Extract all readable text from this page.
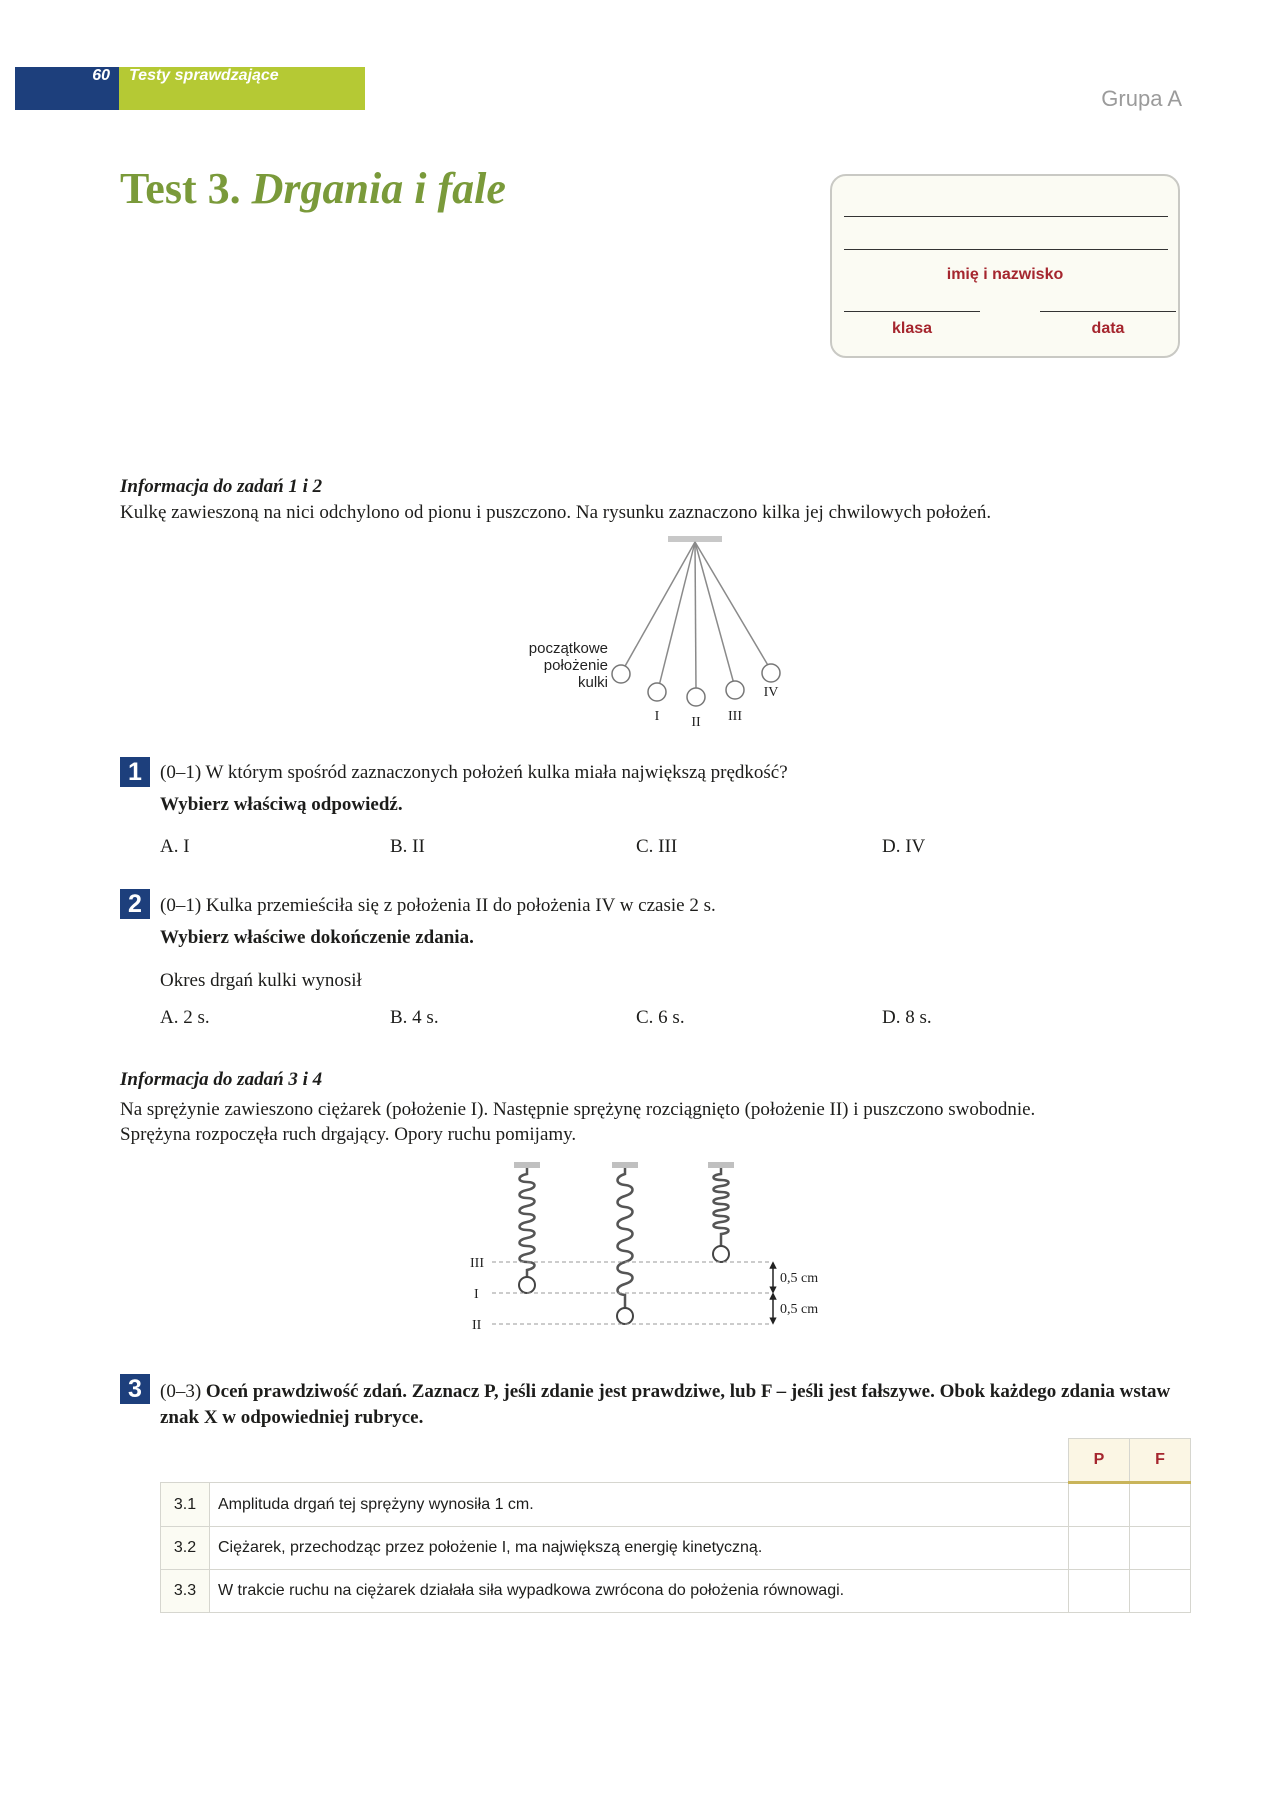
60 Testy sprawdzające
Grupa A
Test 3. Drgania i fale
imię i nazwisko
klasa	data
Informacja do zadań 1 i 2
Kulkę zawieszoną na nici odchylono od pionu i puszczono. Na rysunku zaznaczono kilka jej chwilowych położeń.
początkowe
położenie
kulki
I II III
IV
1 (0–1) W którym spośród zaznaczonych położeń kulka miała największą prędkość?
Wybierz właściwą odpowiedź.
A. I	B. II	C. III	D. IV
2 (0–1) Kulka przemieściła się z położenia II do położenia IV w czasie 2 s.
Wybierz właściwe dokończenie zdania.
Okres drgań kulki wynosił
A. 2 s.	B. 4 s.	C. 6 s.	D. 8 s.
Informacja do zadań 3 i 4
Na sprężynie zawieszono ciężarek (położenie I). Następnie sprężynę rozciągnięto (położenie II) i puszczono swobodnie.
Sprężyna rozpoczęła ruch drgający. Opory ruchu pomijamy.
III
I
II
0,5 cm
0,5 cm
3 (0–3) Oceń prawdziwość zdań. Zaznacz P, jeśli zdanie jest prawdziwe, lub F – jeśli jest fałszywe. Obok każdego zdania wstaw znak X w odpowiedniej rubryce.
		P	F
3.1	Amplituda drgań tej sprężyny wynosiła 1 cm.		
3.2	Ciężarek, przechodząc przez położenie I, ma największą energię kinetyczną.		
3.3	W trakcie ruchu na ciężarek działała siła wypadkowa zwrócona do położenia równowagi.		
